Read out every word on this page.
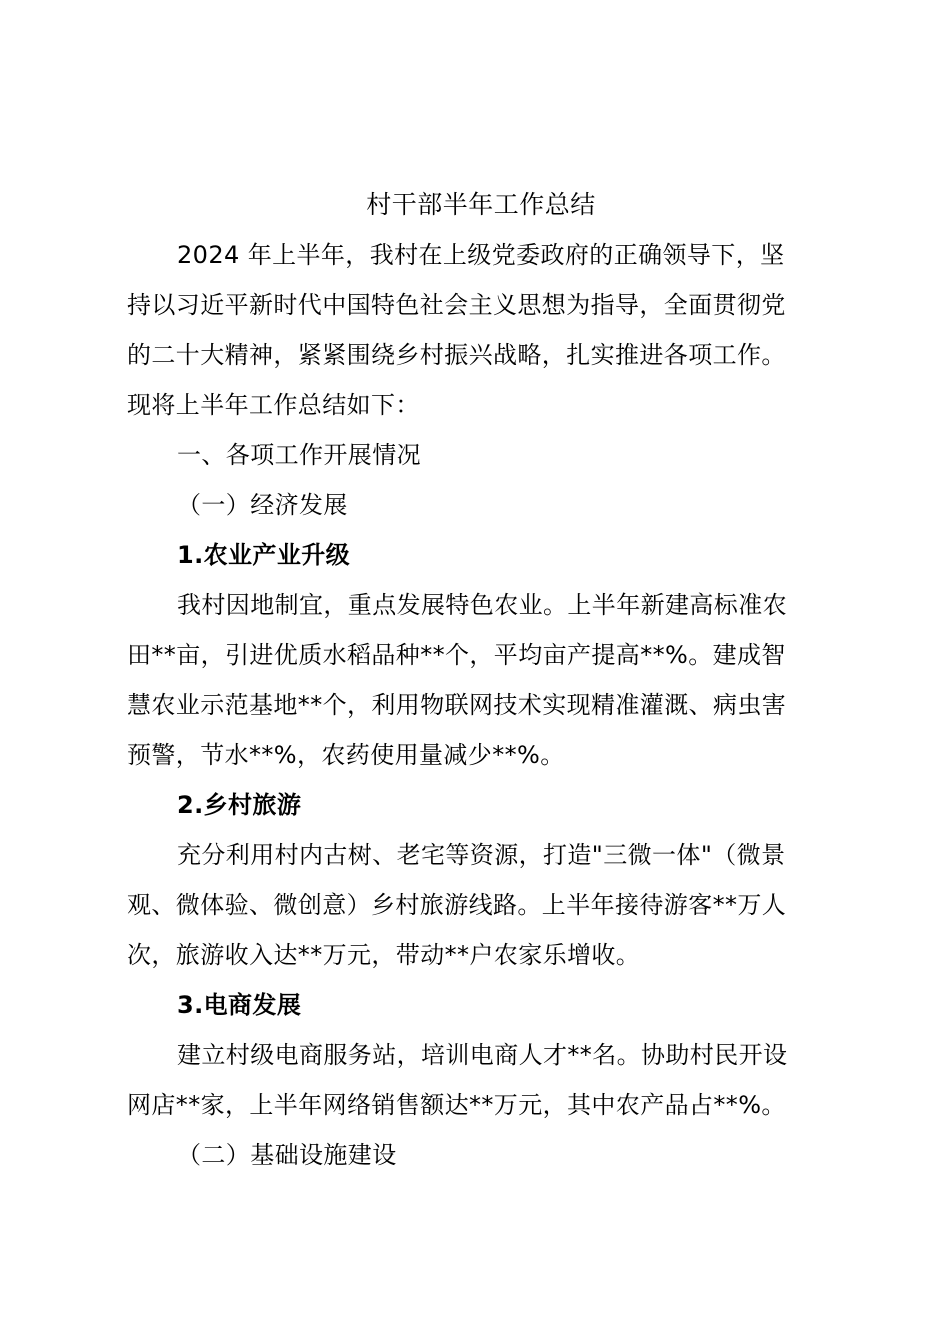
村干部半年工作总结
2024 年上半年，我村在上级党委政府的正确领导下，坚
持以习近平新时代中国特色社会主义思想为指导，全面贯彻党
的二十大精神，紧紧围绕乡村振兴战略，扎实推进各项工作。
现将上半年工作总结如下：
一、各项工作开展情况
（一）经济发展
1.农业产业升级
我村因地制宜，重点发展特色农业。上半年新建高标准农
田**亩，引进优质水稻品种**个，平均亩产提高**%。建成智
慧农业示范基地**个，利用物联网技术实现精准灌溉、病虫害
预警，节水**%，农药使用量减少**%。
2.乡村旅游
充分利用村内古树、老宅等资源，打造"三微一体"（微景
观、微体验、微创意）乡村旅游线路。上半年接待游客**万人
次，旅游收入达**万元，带动**户农家乐增收。
3.电商发展
建立村级电商服务站，培训电商人才**名。协助村民开设
网店**家，上半年网络销售额达**万元，其中农产品占**%。
（二）基础设施建设
